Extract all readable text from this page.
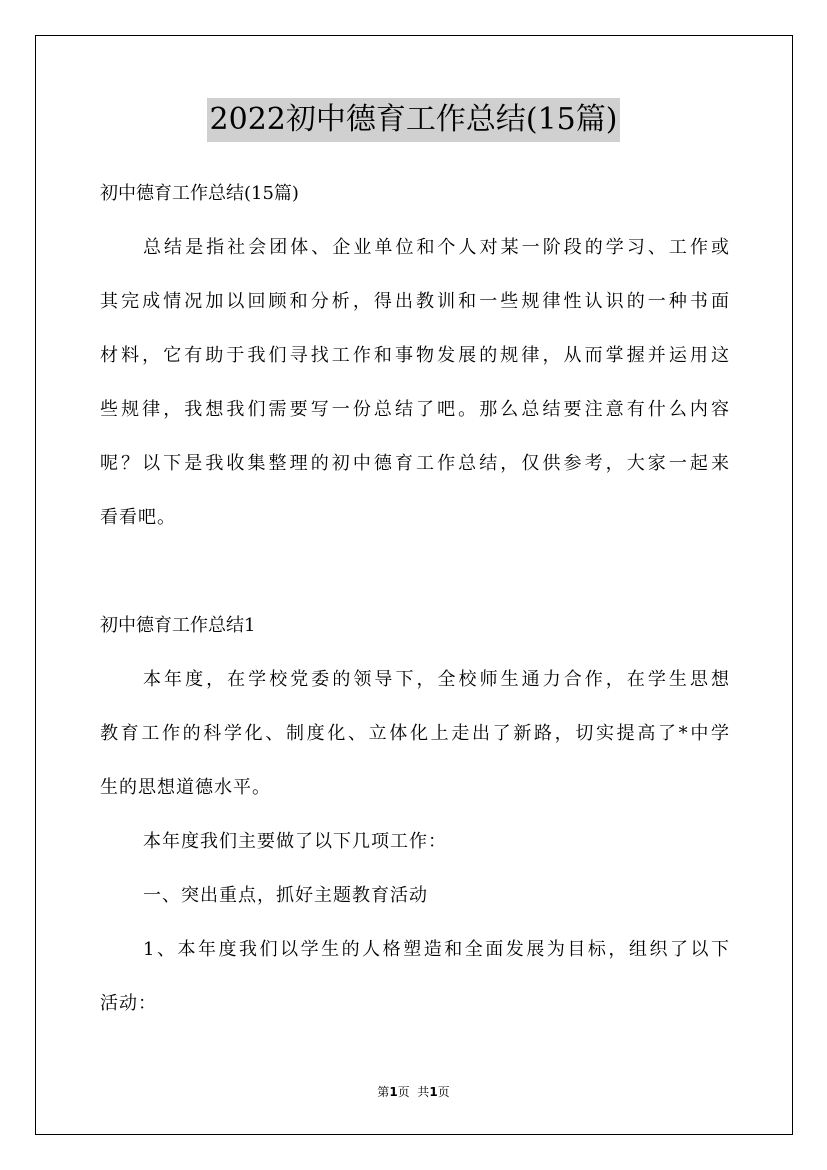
2022初中德育工作总结(15篇)
初中德育工作总结(15篇)
总结是指社会团体、企业单位和个人对某一阶段的学习、工作或
其完成情况加以回顾和分析，得出教训和一些规律性认识的一种书面
材料，它有助于我们寻找工作和事物发展的规律，从而掌握并运用这
些规律，我想我们需要写一份总结了吧。那么总结要注意有什么内容
呢？以下是我收集整理的初中德育工作总结，仅供参考，大家一起来
看看吧。
初中德育工作总结1
本年度，在学校党委的领导下，全校师生通力合作，在学生思想
教育工作的科学化、制度化、立体化上走出了新路，切实提高了*中学
生的思想道德水平。
本年度我们主要做了以下几项工作：
一、突出重点，抓好主题教育活动
1、本年度我们以学生的人格塑造和全面发展为目标，组织了以下
活动：
第1页  共1页
